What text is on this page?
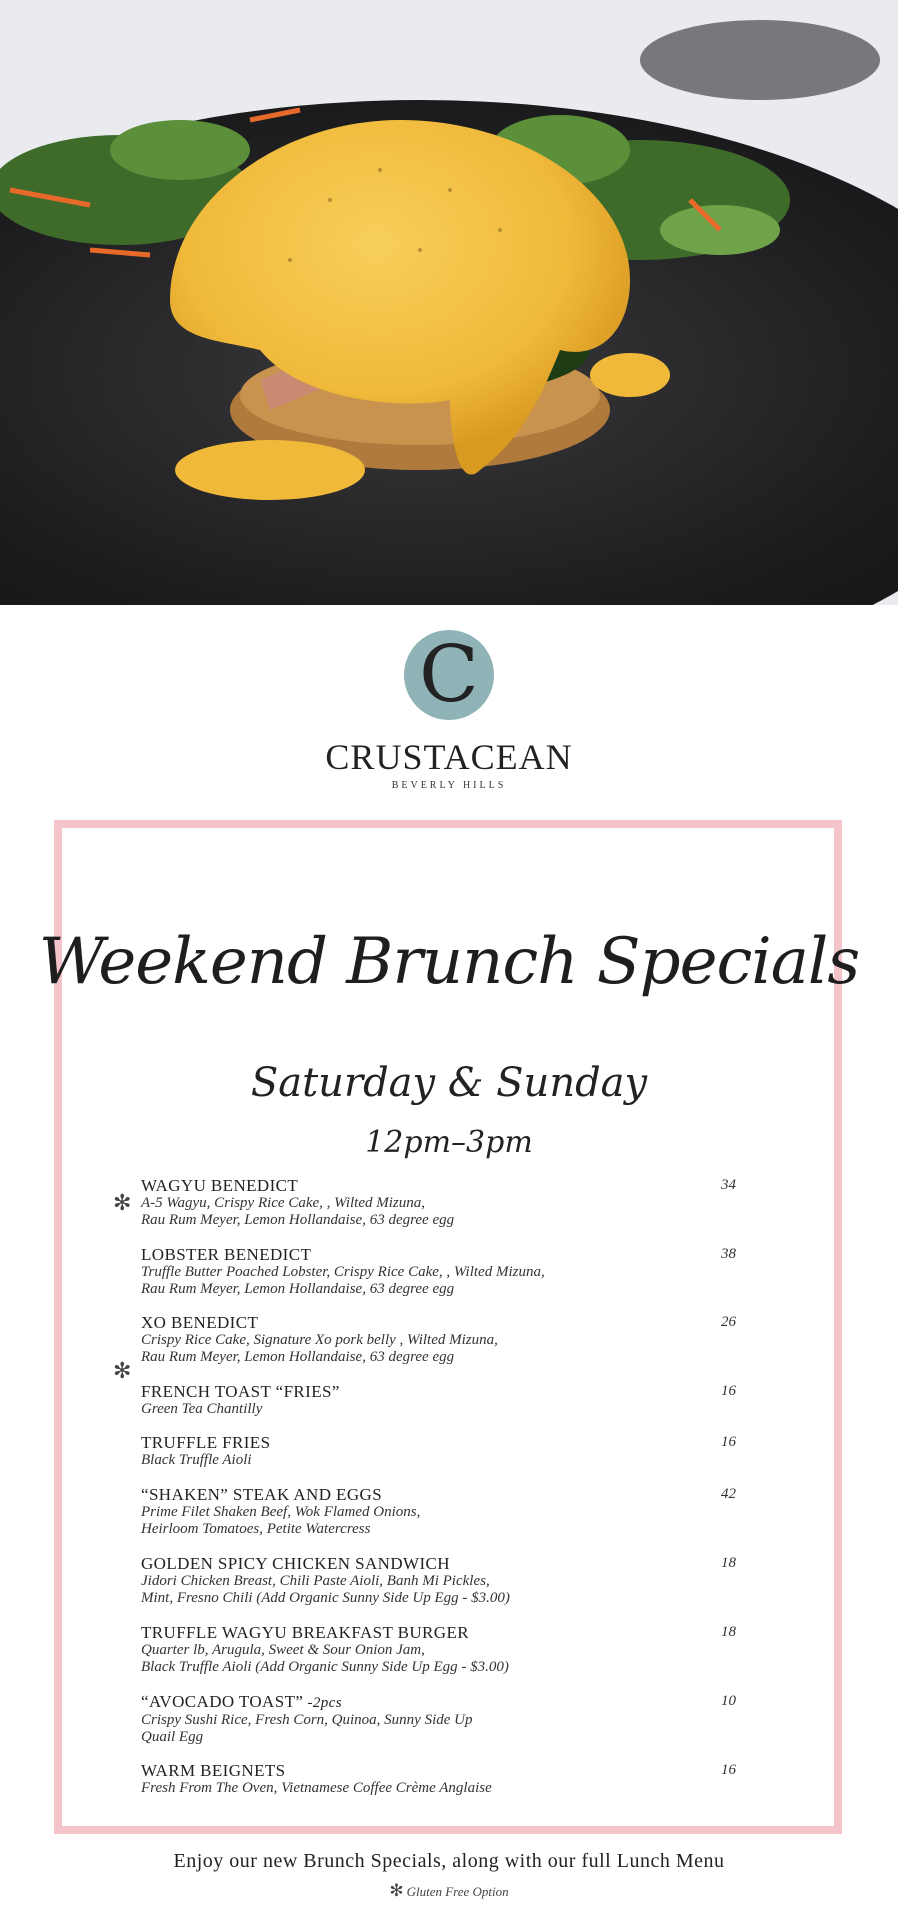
C
CRUSTACEAN
BEVERLY HILLS
Weekend Brunch Specials
Saturday & Sunday
12pm–3pm
✻
✻
WAGYU BENEDICT	34
A-5 Wagyu, Crispy Rice Cake, , Wilted Mizuna,
Rau Rum Meyer, Lemon Hollandaise, 63 degree egg
LOBSTER BENEDICT	38
Truffle Butter Poached Lobster, Crispy Rice Cake, , Wilted Mizuna,
Rau Rum Meyer, Lemon Hollandaise, 63 degree egg
XO BENEDICT	26
Crispy Rice Cake, Signature Xo pork belly , Wilted Mizuna,
Rau Rum Meyer, Lemon Hollandaise, 63 degree egg
FRENCH TOAST “FRIES”	16
Green Tea Chantilly
TRUFFLE FRIES	16
Black Truffle Aioli
“SHAKEN” STEAK AND EGGS	42
Prime Filet Shaken Beef, Wok Flamed Onions,
Heirloom Tomatoes, Petite Watercress
GOLDEN SPICY CHICKEN SANDWICH	18
Jidori Chicken Breast, Chili Paste Aioli, Banh Mi Pickles,
Mint, Fresno Chili (Add Organic Sunny Side Up Egg - $3.00)
TRUFFLE WAGYU BREAKFAST BURGER	18
Quarter lb, Arugula, Sweet & Sour Onion Jam,
Black Truffle Aioli (Add Organic Sunny Side Up Egg - $3.00)
“AVOCADO TOAST” -2pcs	10
Crispy Sushi Rice, Fresh Corn, Quinoa, Sunny Side Up
Quail Egg
WARM BEIGNETS	16
Fresh From The Oven, Vietnamese Coffee Crème Anglaise
Enjoy our new Brunch Specials, along with our full Lunch Menu
✻ Gluten Free Option
